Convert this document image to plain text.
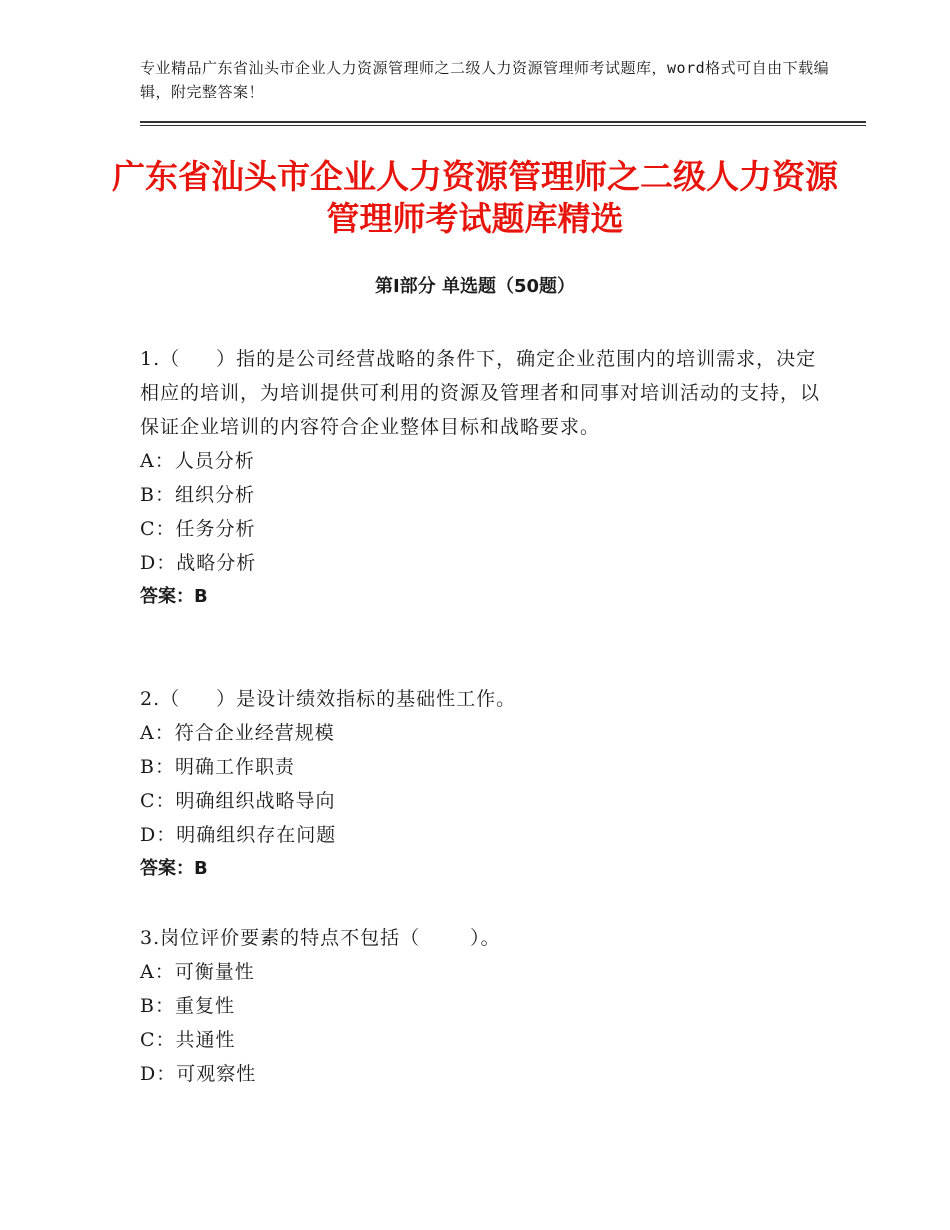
专业精品广东省汕头市企业人力资源管理师之二级人力资源管理师考试题库，word格式可自由下载编辑，附完整答案！
广东省汕头市企业人力资源管理师之二级人力资源管理师考试题库精选
第Ⅰ部分 单选题（50题）
1.（ ）指的是公司经营战略的条件下，确定企业范围内的培训需求，决定相应的培训，为培训提供可利用的资源及管理者和同事对培训活动的支持，以保证企业培训的内容符合企业整体目标和战略要求。
A：人员分析
B：组织分析
C：任务分析
D：战略分析
答案：B
2.（ ）是设计绩效指标的基础性工作。
A：符合企业经营规模
B：明确工作职责
C：明确组织战略导向
D：明确组织存在问题
答案：B
3.岗位评价要素的特点不包括（	）。
A：可衡量性
B：重复性
C：共通性
D：可观察性
